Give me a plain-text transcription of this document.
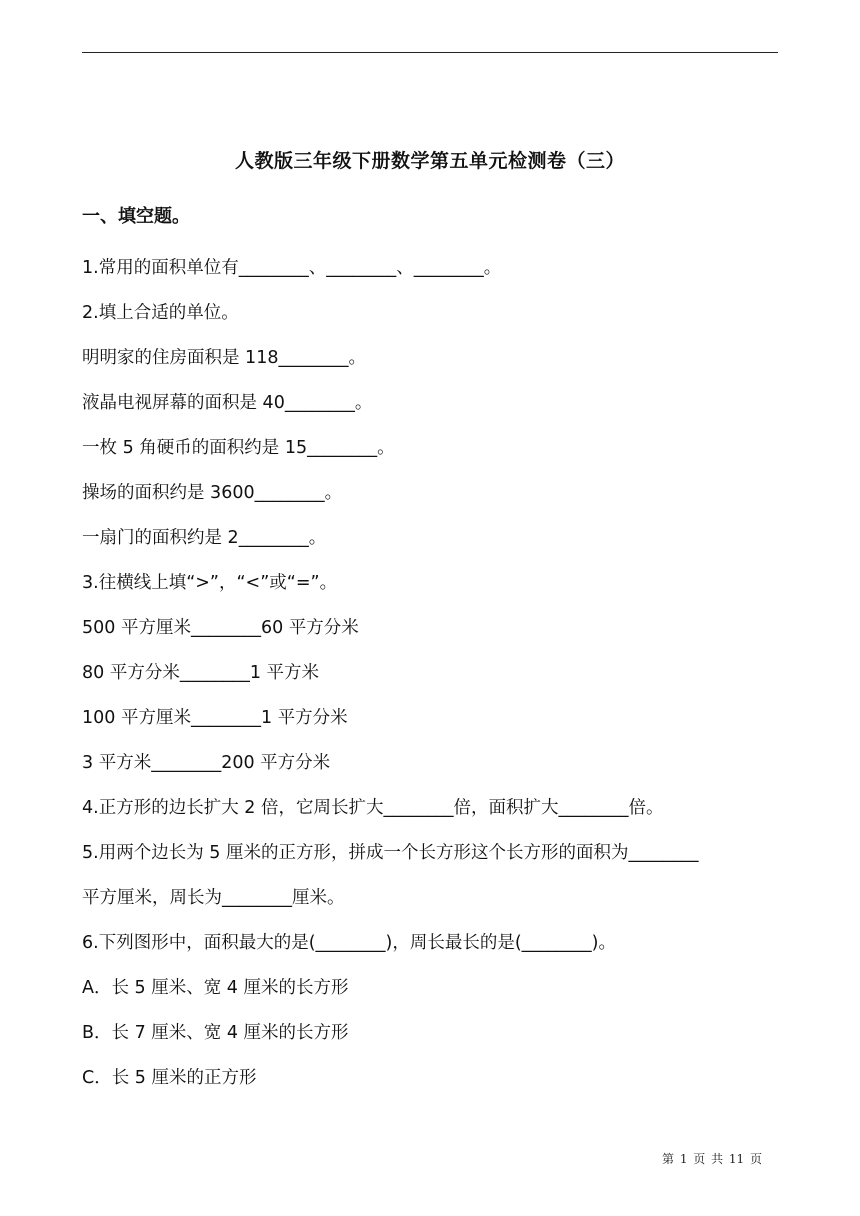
人教版三年级下册数学第五单元检测卷（三）
一、填空题。
1.常用的面积单位有________、________、________。
2.填上合适的单位。
明明家的住房面积是 118________。
液晶电视屏幕的面积是 40________。
一枚 5 角硬币的面积约是 15________。
操场的面积约是 3600________。
一扇门的面积约是 2________。
3.往横线上填“>”，“<”或“=”。
500 平方厘米________60 平方分米
80 平方分米________1 平方米
100 平方厘米________1 平方分米
3 平方米________200 平方分米
4.正方形的边长扩大 2 倍，它周长扩大________倍，面积扩大________倍。
5.用两个边长为 5 厘米的正方形，拼成一个长方形这个长方形的面积为________
平方厘米，周长为________厘米。
6.下列图形中，面积最大的是(________)，周长最长的是(________)。
A．长 5 厘米、宽 4 厘米的长方形
B．长 7 厘米、宽 4 厘米的长方形
C．长 5 厘米的正方形
第 1 页 共 11 页
